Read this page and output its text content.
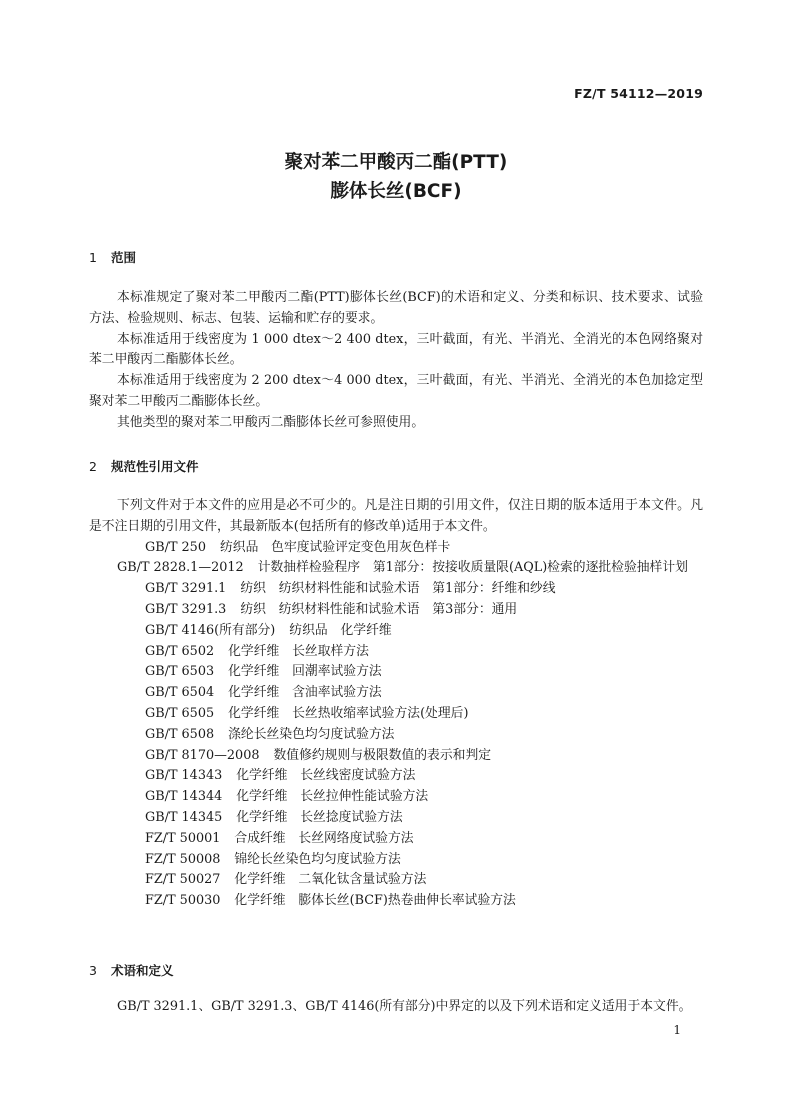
FZ/T 54112—2019
聚对苯二甲酸丙二酯(PTT)
膨体长丝(BCF)
1 范围

本标准规定了聚对苯二甲酸丙二酯(PTT)膨体长丝(BCF)的术语和定义、分类和标识、技术要求、试验方法、检验规则、标志、包装、运输和贮存的要求。

本标准适用于线密度为 1 000 dtex～2 400 dtex，三叶截面，有光、半消光、全消光的本色网络聚对苯二甲酸丙二酯膨体长丝。

本标准适用于线密度为 2 200 dtex～4 000 dtex，三叶截面，有光、半消光、全消光的本色加捻定型聚对苯二甲酸丙二酯膨体长丝。

其他类型的聚对苯二甲酸丙二酯膨体长丝可参照使用。

2 规范性引用文件

下列文件对于本文件的应用是必不可少的。凡是注日期的引用文件，仅注日期的版本适用于本文件。凡是不注日期的引用文件，其最新版本(包括所有的修改单)适用于本文件。

GB/T 250 纺织品　色牢度试验评定变色用灰色样卡

GB/T 2828.1—2012 计数抽样检验程序　第1部分：按接收质量限(AQL)检索的逐批检验抽样计划

GB/T 3291.1 纺织　纺织材料性能和试验术语　第1部分：纤维和纱线

GB/T 3291.3 纺织　纺织材料性能和试验术语　第3部分：通用

GB/T 4146(所有部分) 纺织品　化学纤维

GB/T 6502 化学纤维　长丝取样方法

GB/T 6503 化学纤维　回潮率试验方法

GB/T 6504 化学纤维　含油率试验方法

GB/T 6505 化学纤维　长丝热收缩率试验方法(处理后)

GB/T 6508 涤纶长丝染色均匀度试验方法

GB/T 8170—2008 数值修约规则与极限数值的表示和判定

GB/T 14343 化学纤维　长丝线密度试验方法

GB/T 14344 化学纤维　长丝拉伸性能试验方法

GB/T 14345 化学纤维　长丝捻度试验方法

FZ/T 50001 合成纤维　长丝网络度试验方法

FZ/T 50008 锦纶长丝染色均匀度试验方法

FZ/T 50027 化学纤维　二氧化钛含量试验方法

FZ/T 50030 化学纤维　膨体长丝(BCF)热卷曲伸长率试验方法

3 术语和定义

GB/T 3291.1、GB/T 3291.3、GB/T 4146(所有部分)中界定的以及下列术语和定义适用于本文件。

1
